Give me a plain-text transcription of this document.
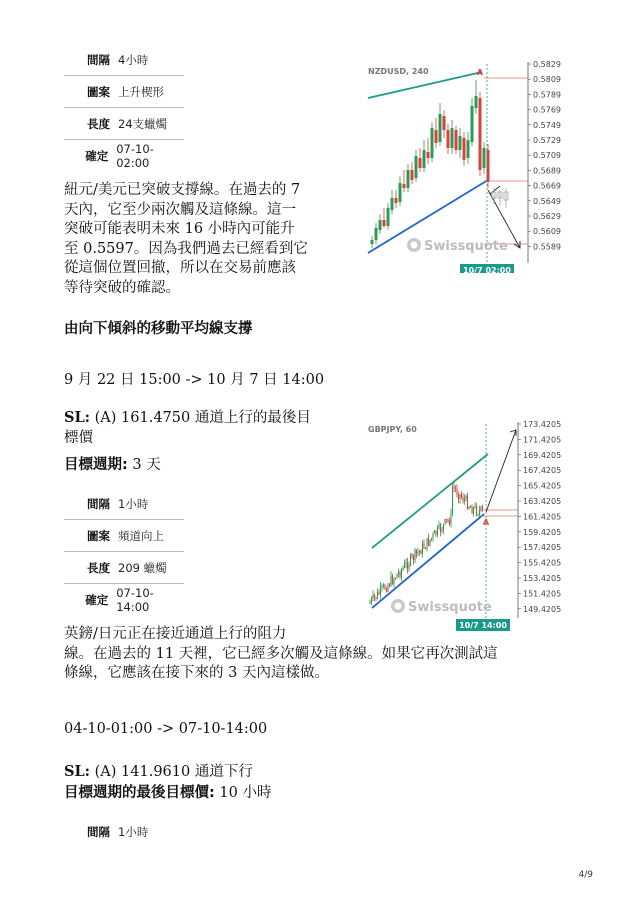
間隔 4小時
圖案 上升楔形
長度 24支蠟燭
確定 07-10-02:00
紐元/美元已突破支撐線。在過去的 7
天內，它至少兩次觸及這條線。這一
突破可能表明未來 16 小時內可能升
至 0.5597。因為我們過去已經看到它
從這個位置回撤，所以在交易前應該
等待突破的確認。
由向下傾斜的移動平均線支撐
9 月 22 日 15:00 -> 10 月 7 日 14:00
SL: (A) 161.4750 通道上行的最後目
標價
目標週期: 3 天
間隔 1小時
圖案 頻道向上
長度 209 蠟燭
確定 07-10-14:00
英鎊/日元正在接近通道上行的阻力
線。在過去的 11 天裡，它已經多次觸及這條線。如果它再次測試這
條線，它應該在接下來的 3 天內這樣做。
04-10-01:00 -> 07-10-14:00
SL: (A) 141.9610 通道下行
目標週期的最後目標價: 10 小時
間隔 1小時
NZDUSD, 240
0.5829
0.5809
0.5789
0.5769
0.5749
0.5729
0.5709
0.5689
0.5669
0.5649
0.5629
0.5609
0.5589
A
Swissquote
10/7 02:00
GBPJPY, 60
173.4205
171.4205
169.4205
167.4205
165.4205
163.4205
161.4205
159.4205
157.4205
155.4205
153.4205
151.4205
149.4205
A
Swissquote
10/7 14:00
4/9
